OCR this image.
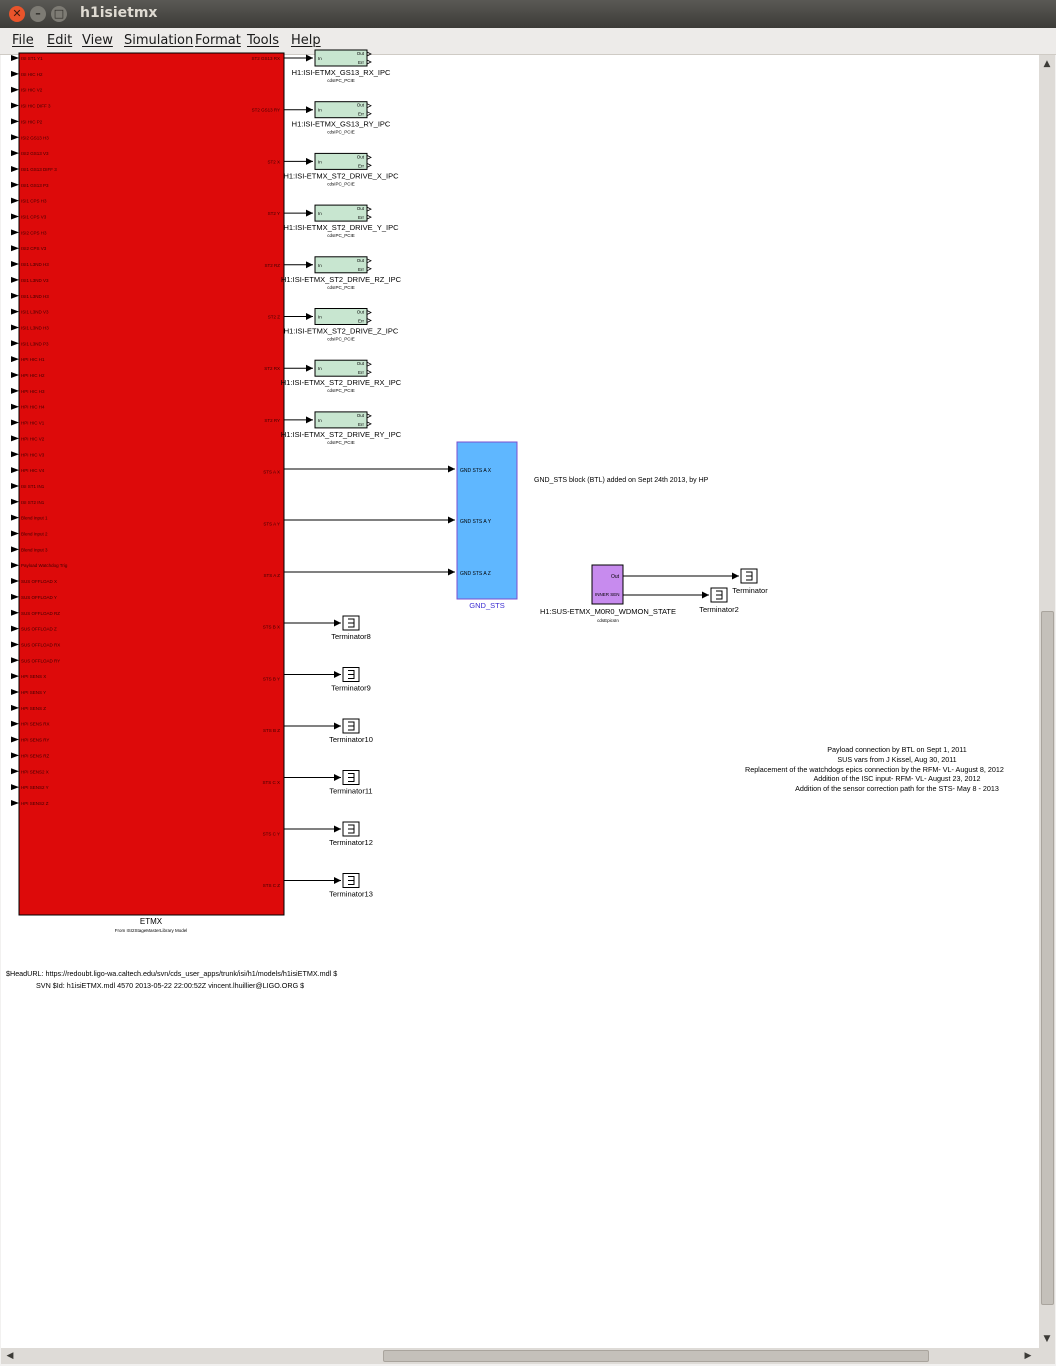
✕	–	□ h1isietmx
File Edit View Simulation Format Tools Help
ISI ST1 Y1
ISI HIC H2
ISI HIC V2
ISI HIC DIFF 3
ISI HIC P2
ISI2 GS13 H3
ISI2 GS13 V3
ISI1 GS13 DIFF 3
ISI1 GS13 P3
ISI1 CPS H3
ISI1 CPS V3
ISI2 CPS H3
ISI2 CPS V3
ISI1 L3ND H3
ISI1 L3ND V3
ISI1 L3ND H3
ISI1 L3ND V3
ISI1 L3ND H3
ISI1 L3ND P3
HPI HIC H1
HPI HIC H2
HPI HIC H3
HPI HIC H4
HPI HIC V1
HPI HIC V2
HPI HIC V3
HPI HIC V4
ISI ST1 IN1
ISI ST2 IN1
Blend Input 1
Blend Input 2
Blend Input 3
Payload Watchdog Trig
SUS OFFLOAD X
SUS OFFLOAD Y
SUS OFFLOAD RZ
SUS OFFLOAD Z
SUS OFFLOAD RX
SUS OFFLOAD RY
HPI SENS X
HPI SENS Y
HPI SENS Z
HPI SENS RX
HPI SENS RY
HPI SENS RZ
HPI SENS2 X
HPI SENS2 Y
HPI SENS2 Z
ST2 GS13 RX
ST2 GS13 RY
ST2 X
ST2 Y
ST2 RZ
ST2 Z
ST2 RX
ST2 RY
STS A X
STS A Y
STS A Z
STS B X
STS B Y
STS B Z
STS C X
STS C Y
STS C Z
ETMX
From ISI2StageMasterLibrary Model
In
Out
Err
H1:ISI-ETMX_GS13_RX_IPC
cdsIPC_PCIE
In
Out
Err
H1:ISI-ETMX_GS13_RY_IPC
cdsIPC_PCIE
In
Out
Err
H1:ISI-ETMX_ST2_DRIVE_X_IPC
cdsIPC_PCIE
In
Out
Err
H1:ISI-ETMX_ST2_DRIVE_Y_IPC
cdsIPC_PCIE
In
Out
Err
H1:ISI-ETMX_ST2_DRIVE_RZ_IPC
cdsIPC_PCIE
In
Out
Err
H1:ISI-ETMX_ST2_DRIVE_Z_IPC
cdsIPC_PCIE
In
Out
Err
H1:ISI-ETMX_ST2_DRIVE_RX_IPC
cdsIPC_PCIE
In
Out
Err
H1:ISI-ETMX_ST2_DRIVE_RY_IPC
cdsIPC_PCIE
GND STS A X
GND STS A Y
GND STS A Z
GND_STS
GND_STS block (BTL) added on Sept 24th 2013, by HP
Out
INNER SEN
H1:SUS-ETMX_M0R0_WDMON_STATE
cdsEpicsIn
Terminator
Terminator2
Terminator8
Terminator9
Terminator10
Terminator11
Terminator12
Terminator13
Payload connection by BTL on Sept 1, 2011
SUS vars from J Kissel, Aug 30, 2011
Replacement of the watchdogs epics connection by the RFM- VL- August 8, 2012
Addition of the ISC input- RFM- VL- August 23, 2012
Addition of the sensor correction path for the STS- May 8 - 2013
$HeadURL: https://redoubt.ligo-wa.caltech.edu/svn/cds_user_apps/trunk/isi/h1/models/h1isiETMX.mdl $
SVN $Id: h1isiETMX.mdl 4570 2013-05-22 22:00:52Z vincent.lhuillier@LIGO.ORG $
▲
▼
◀	▶
